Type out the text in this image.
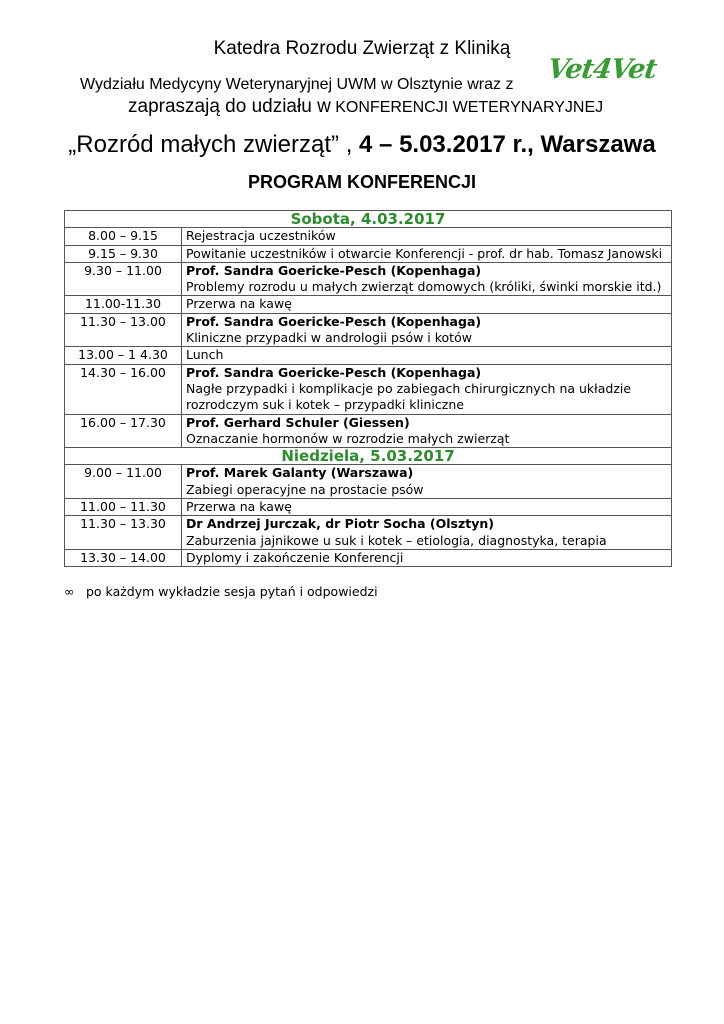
Katedra Rozrodu Zwierząt z Kliniką
Wydziału Medycyny Weterynaryjnej UWM w Olsztynie wraz z Vet4Vet
zapraszają do udziału w KONFERENCJI WETERYNARYJNEJ
„Rozród małych zwierząt” , 4 – 5.03.2017 r., Warszawa
PROGRAM KONFERENCJI
Sobota, 4.03.2017	
8.00 – 9.15	Rejestracja uczestników

9.15 – 9.30	Powitanie uczestników i otwarcie Konferencji - prof. dr hab. Tomasz Janowski

9.30 – 11.00	Prof. Sandra Goericke-Pesch (Kopenhaga)
Problemy rozrodu u małych zwierząt domowych (króliki, świnki morskie itd.)

11.00-11.30	Przerwa na kawę

11.30 – 13.00	Prof. Sandra Goericke-Pesch (Kopenhaga)
Kliniczne przypadki w andrologii psów i kotów

13.00 – 1 4.30	Lunch

14.30 – 16.00	Prof. Sandra Goericke-Pesch (Kopenhaga)
Nagłe przypadki i komplikacje po zabiegach chirurgicznych na układzie rozrodczym suk i kotek – przypadki kliniczne

16.00 – 17.30	Prof. Gerhard Schuler (Giessen)
Oznaczanie hormonów w rozrodzie małych zwierząt

Niedziela, 5.03.2017	
9.00 – 11.00	Prof. Marek Galanty (Warszawa)
Zabiegi operacyjne na prostacie psów

11.00 – 11.30	Przerwa na kawę

11.30 – 13.30	Dr Andrzej Jurczak, dr Piotr Socha (Olsztyn)
Zaburzenia jajnikowe u suk i kotek – etiologia, diagnostyka, terapia

13.30 – 14.00	Dyplomy i zakończenie Konferencji
∞ po każdym wykładzie sesja pytań i odpowiedzi
